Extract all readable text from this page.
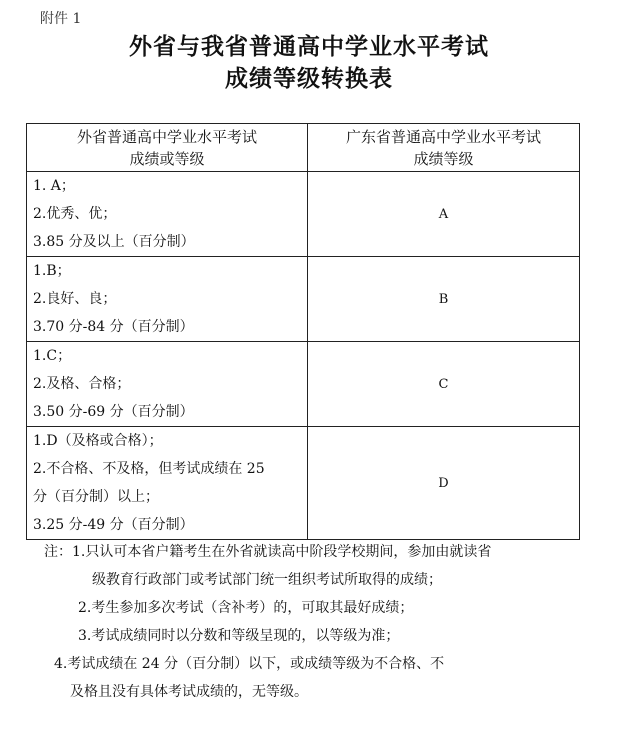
附件 1
外省与我省普通高中学业水平考试
成绩等级转换表
外省普通高中学业水平考试
成绩或等级	广东省普通高中学业水平考试
成绩等级

1. A；
2.优秀、优；
3.85 分及以上（百分制）	A

1.B；
2.良好、良；
3.70 分-84 分（百分制）	B

1.C；
2.及格、合格；
3.50 分-69 分（百分制）	C

1.D（及格或合格）；
2.不合格、不及格，但考试成绩在 25
分（百分制）以上；
3.25 分-49 分（百分制）	D
注：1.只认可本省户籍考生在外省就读高中阶段学校期间，参加由就读省
级教育行政部门或考试部门统一组织考试所取得的成绩；
2.考生参加多次考试（含补考）的，可取其最好成绩；
3.考试成绩同时以分数和等级呈现的，以等级为准；
4.考试成绩在 24 分（百分制）以下，或成绩等级为不合格、不
及格且没有具体考试成绩的，无等级。
